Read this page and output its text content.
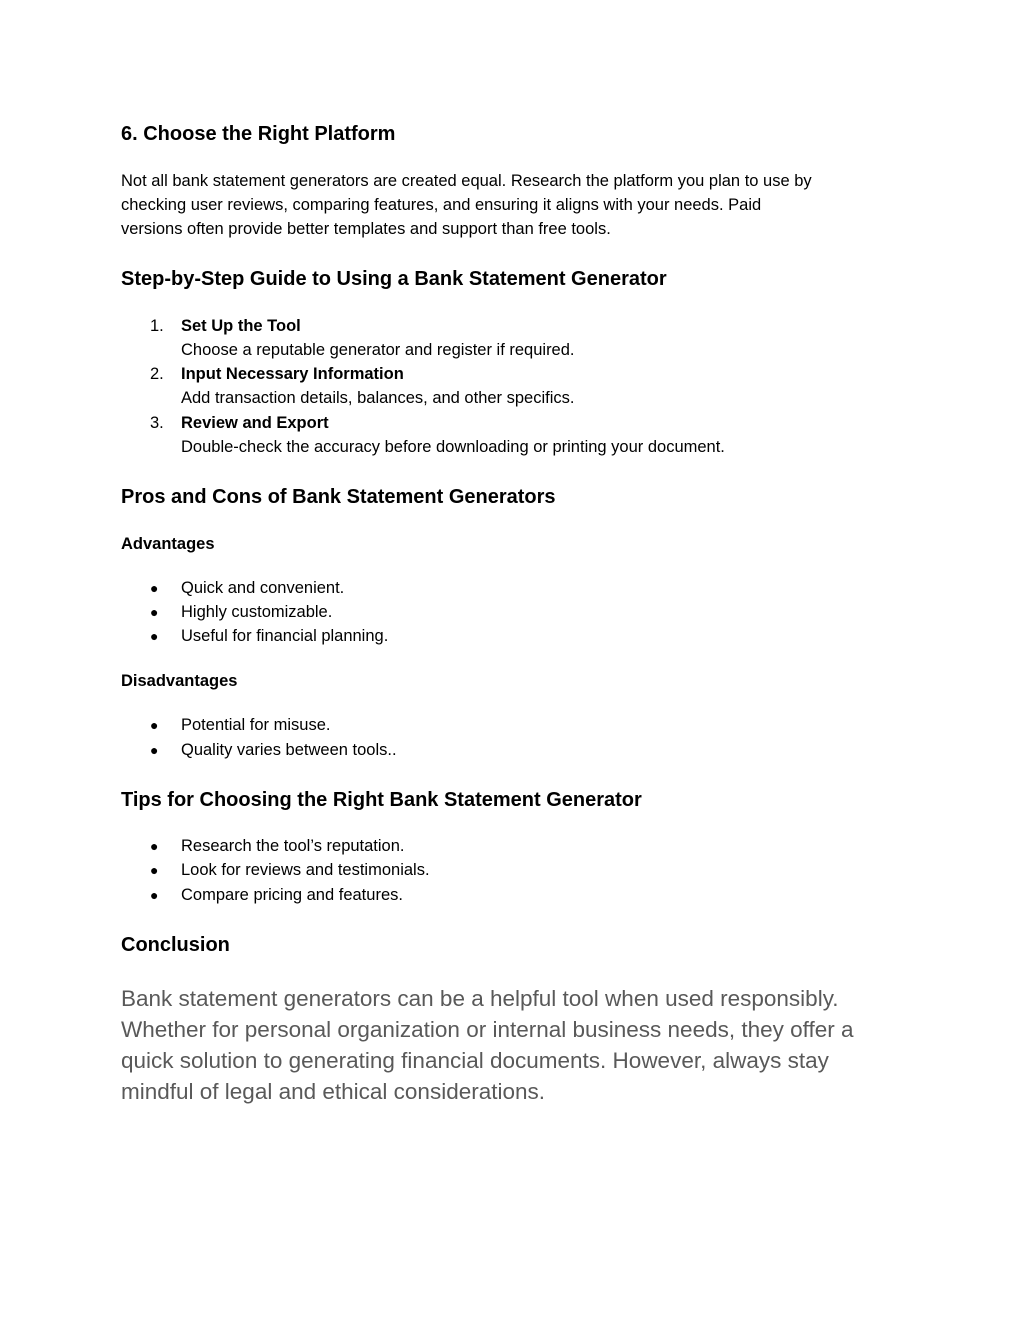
6. Choose the Right Platform
Not all bank statement generators are created equal. Research the platform you plan to use by
checking user reviews, comparing features, and ensuring it aligns with your needs. Paid
versions often provide better templates and support than free tools.
Step-by-Step Guide to Using a Bank Statement Generator
1.	Set Up the Tool
Choose a reputable generator and register if required.
2.	Input Necessary Information
Add transaction details, balances, and other specifics.
3.	Review and Export
Double-check the accuracy before downloading or printing your document.
Pros and Cons of Bank Statement Generators
Advantages
● Quick and convenient.
● Highly customizable.
● Useful for financial planning.
Disadvantages
● Potential for misuse.
● Quality varies between tools..
Tips for Choosing the Right Bank Statement Generator
● Research the tool’s reputation.
● Look for reviews and testimonials.
● Compare pricing and features.
Conclusion
Bank statement generators can be a helpful tool when used responsibly.
Whether for personal organization or internal business needs, they offer a
quick solution to generating financial documents. However, always stay
mindful of legal and ethical considerations.
